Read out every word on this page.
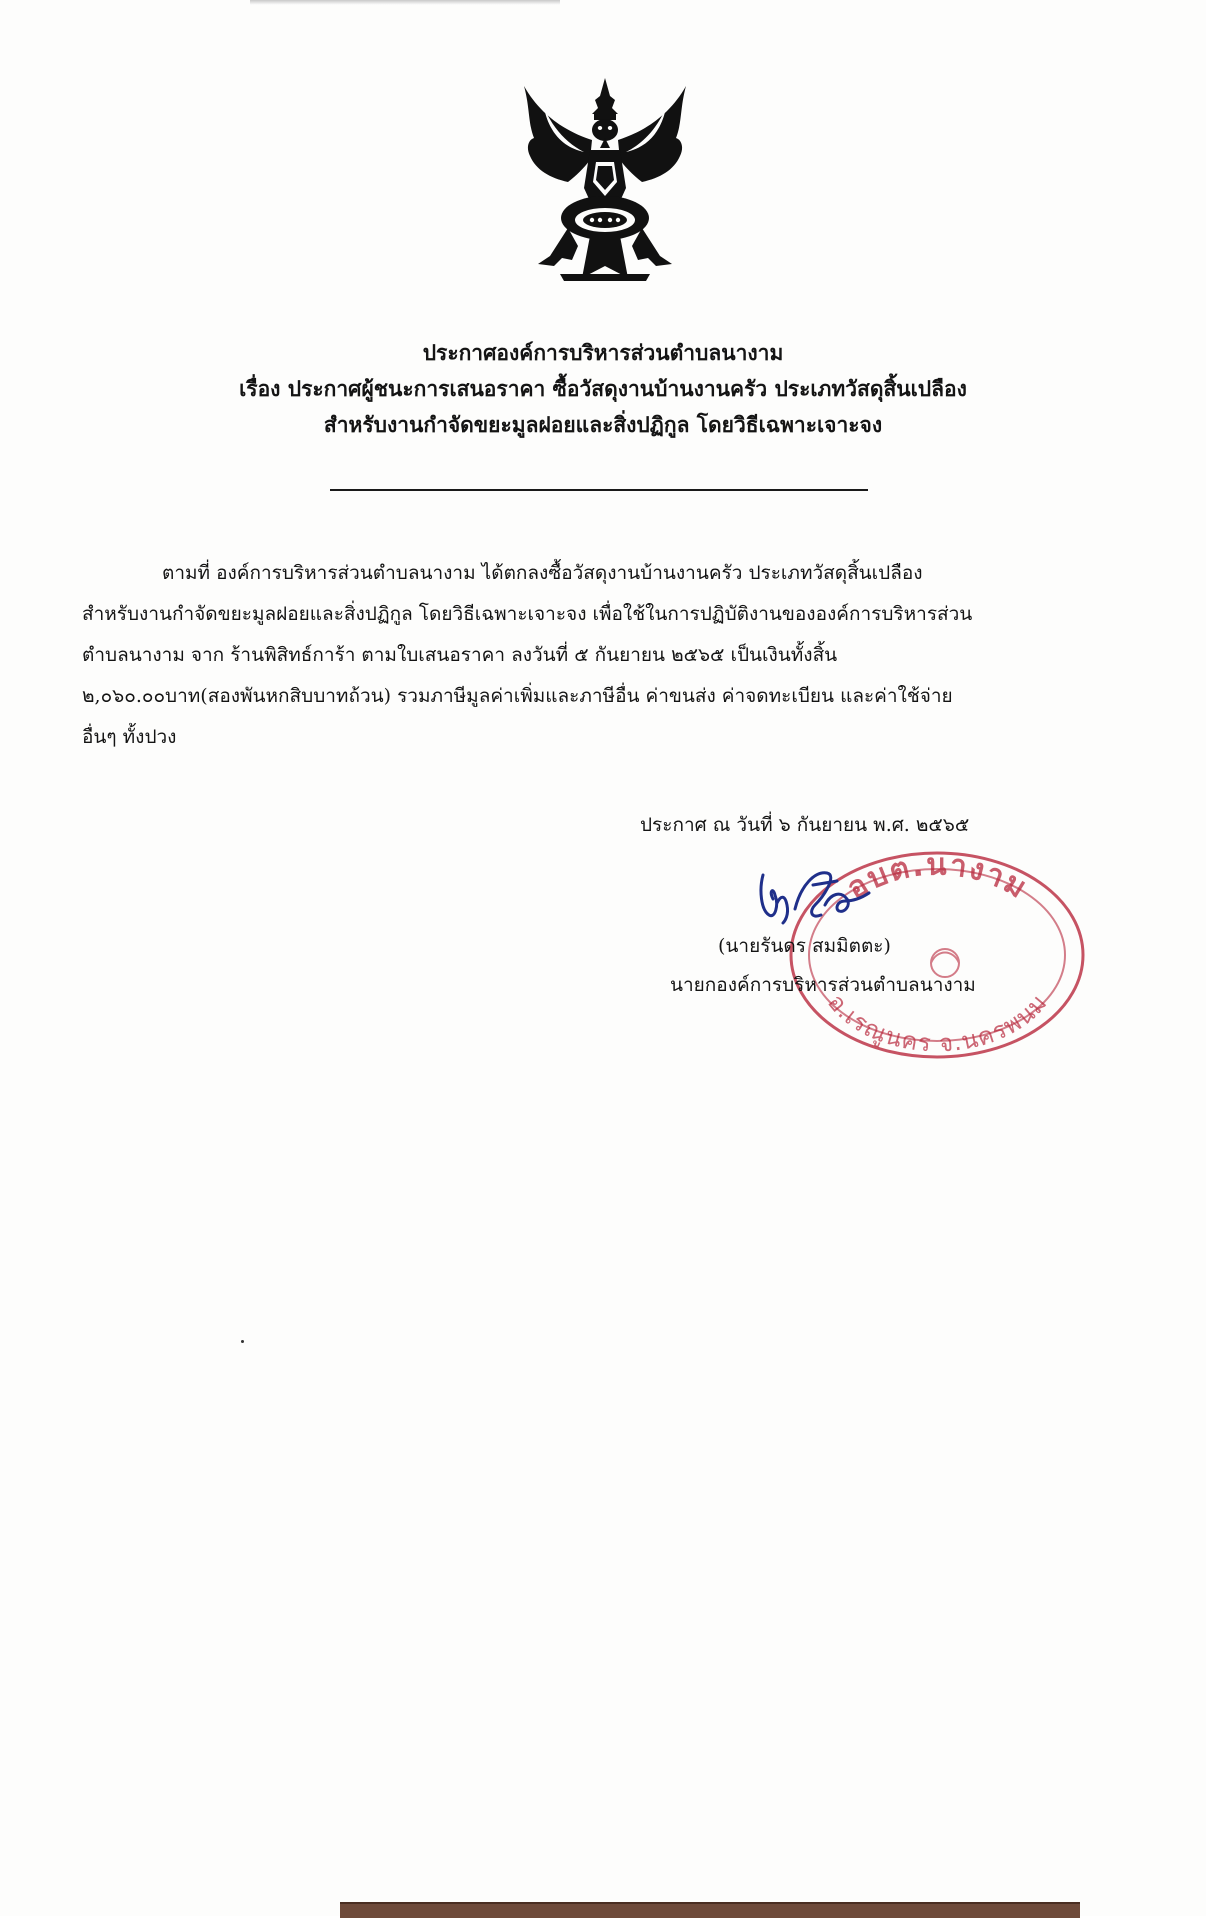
ประกาศองค์การบริหารส่วนตำบลนางาม
เรื่อง ประกาศผู้ชนะการเสนอราคา ซื้อวัสดุงานบ้านงานครัว ประเภทวัสดุสิ้นเปลือง
สำหรับงานกำจัดขยะมูลฝอยและสิ่งปฏิกูล โดยวิธีเฉพาะเจาะจง
ตามที่ องค์การบริหารส่วนตำบลนางาม ได้ตกลงซื้อวัสดุงานบ้านงานครัว ประเภทวัสดุสิ้นเปลือง
สำหรับงานกำจัดขยะมูลฝอยและสิ่งปฏิกูล โดยวิธีเฉพาะเจาะจง เพื่อใช้ในการปฏิบัติงานขององค์การบริหารส่วน
ตำบลนางาม จาก ร้านพิสิทธ์การ้า ตามใบเสนอราคา ลงวันที่ ๕ กันยายน ๒๕๖๕ เป็นเงินทั้งสิ้น
๒,๐๖๐.๐๐บาท(สองพันหกสิบบาทถ้วน) รวมภาษีมูลค่าเพิ่มและภาษีอื่น ค่าขนส่ง ค่าจดทะเบียน และค่าใช้จ่าย
อื่นๆ ทั้งปวง
ประกาศ ณ วันที่ ๖ กันยายน พ.ศ. ๒๕๖๕
อบต.นางาม
อ.เรณูนคร จ.นครพนม
(นายรันดร สมมิตตะ)
นายกองค์การบริหารส่วนตำบลนางาม
